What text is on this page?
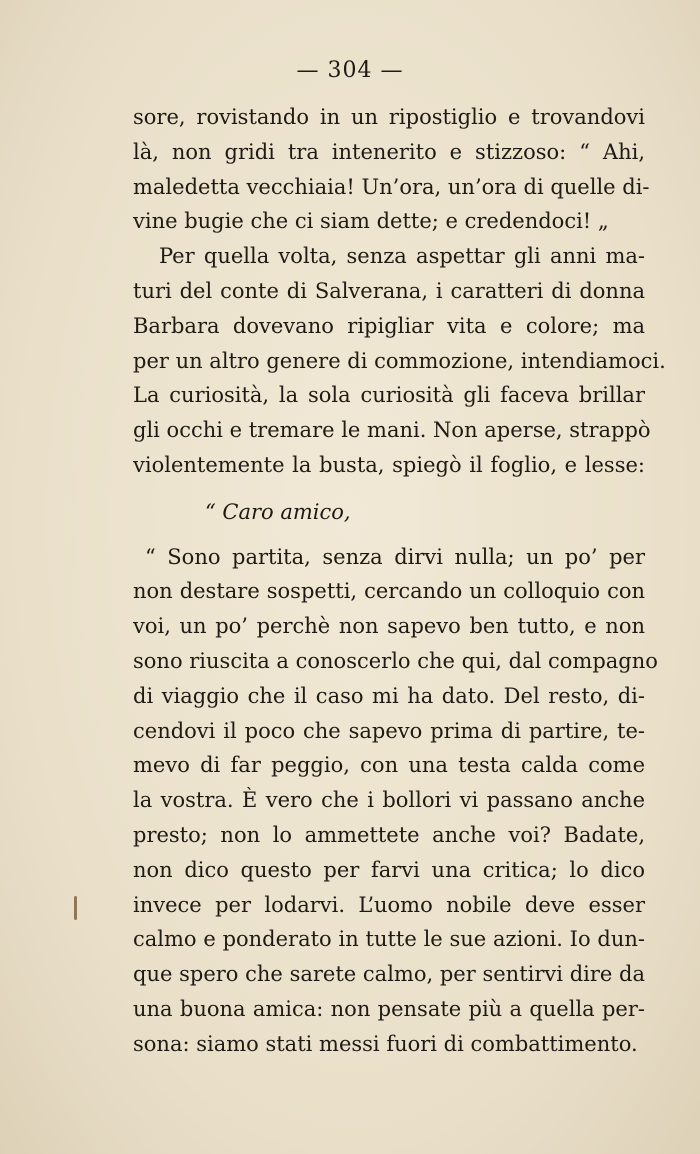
— 304 —
sore, rovistando in un ripostiglio e trovandovi
là, non gridi tra intenerito e stizzoso: “ Ahi,
maledetta vecchiaia! Un’ora, un’ora di quelle di-
vine bugie che ci siam dette; e credendoci! „
Per quella volta, senza aspettar gli anni ma-
turi del conte di Salverana, i caratteri di donna
Barbara dovevano ripigliar vita e colore; ma
per un altro genere di commozione, intendiamoci.
La curiosità, la sola curiosità gli faceva brillar
gli occhi e tremare le mani. Non aperse, strappò
violentemente la busta, spiegò il foglio, e lesse:
“ Caro amico,
“ Sono partita, senza dirvi nulla; un po’ per
non destare sospetti, cercando un colloquio con
voi, un po’ perchè non sapevo ben tutto, e non
sono riuscita a conoscerlo che qui, dal compagno
di viaggio che il caso mi ha dato. Del resto, di-
cendovi il poco che sapevo prima di partire, te-
mevo di far peggio, con una testa calda come
la vostra. È vero che i bollori vi passano anche
presto; non lo ammettete anche voi? Badate,
non dico questo per farvi una critica; lo dico
invece per lodarvi. L’uomo nobile deve esser
calmo e ponderato in tutte le sue azioni. Io dun-
que spero che sarete calmo, per sentirvi dire da
una buona amica: non pensate più a quella per-
sona: siamo stati messi fuori di combattimento.
